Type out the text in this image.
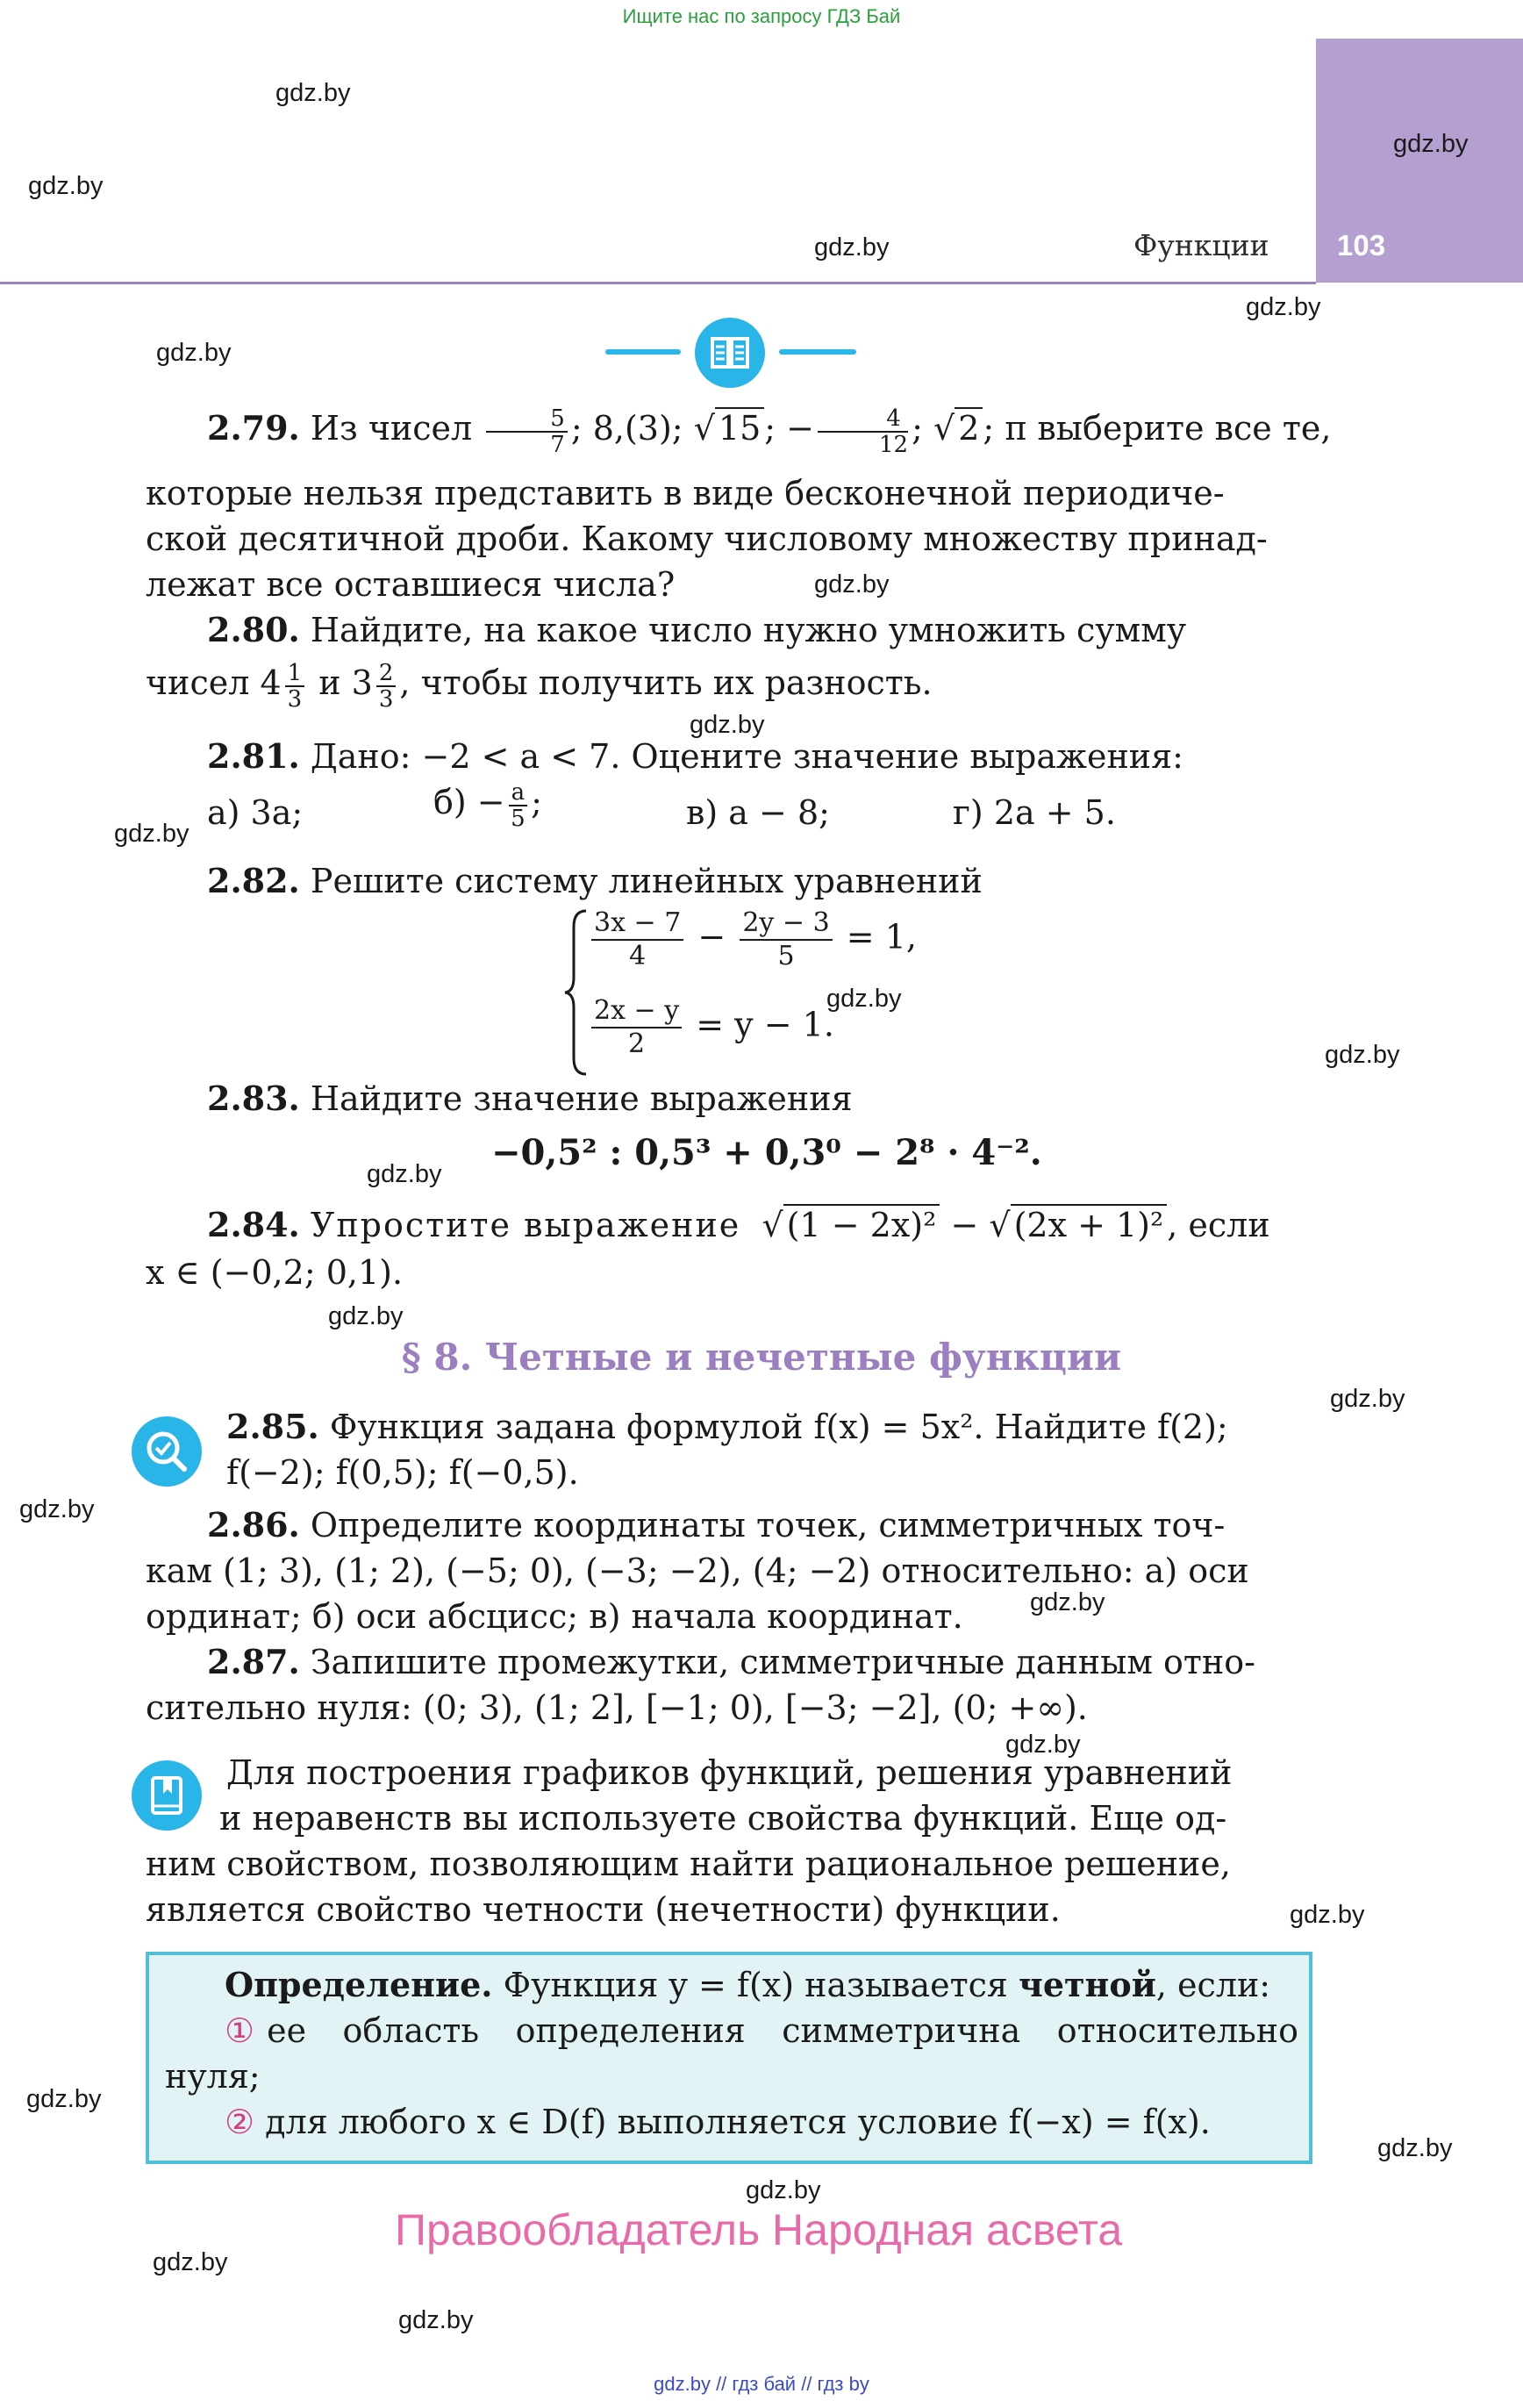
Ищите нас по запросу ГДЗ Бай
103
Функции
gdz.by
gdz.by
gdz.by
gdz.by
gdz.by
gdz.by
gdz.by
gdz.by
gdz.by
gdz.by
gdz.by
gdz.by
gdz.by
gdz.by
gdz.by
gdz.by
gdz.by
gdz.by
gdz.by
gdz.by
gdz.by
gdz.by
gdz.by
2.79. Из чисел $\frac{5}{7}$ ; 8,(3); √ 15 ; − $\frac{4}{12}$ ; √ 2 ; π выберите все те,
которые нельзя представить в виде бесконечной периодиче-
ской десятичной дроби. Какому числовому множеству принад-
лежат все оставшиеся числа?
2.80. Найдите, на какое число нужно умножить сумму
чисел $4 \frac{1}{3}$ и $3 \frac{2}{3}$ , чтобы получить их разность.
2.81. Дано: −2 < a < 7. Оцените значение выражения:
а) 3a;	$б) - \frac{a}{5}$ ;	в) a − 8;	г) 2a + 5.
2.82. Решите систему линейных уравнений
$\frac{3x - 7}{4} - \frac{2y - 3}{5} = 1$,
$\frac{2x - y}{2} = y - 1$.
2.83. Найдите значение выражения
−0,5² : 0,5³ + 0,3⁰ − 2⁸ · 4⁻².
2.84. Упростите выражение  √ (1 − 2x)² − √ (2x + 1)² , если
x ∈ (−0,2; 0,1).
§ 8. Четные и нечетные функции
2.85. Функция задана формулой f(x) = 5x². Найдите f(2);
f(−2); f(0,5); f(−0,5).
2.86. Определите координаты точек, симметричных точ-
кам (1; 3), (1; 2), (−5; 0), (−3; −2), (4; −2) относительно: а) оси
ординат; б) оси абсцисс; в) начала координат.
2.87. Запишите промежутки, симметричные данным отно-
сительно нуля: (0; 3), (1; 2], [−1; 0), [−3; −2], (0; +∞).
Для построения графиков функций, решения уравнений
и неравенств вы используете свойства функций. Еще од-
ним свойством, позволяющим найти рациональное решение,
является свойство четности (нечетности) функции.
Определение. Функция y = f(x) называется четной, если:
① ее область определения симметрична относительно
нуля;
② для любого x ∈ D(f) выполняется условие f(−x) = f(x).
Правообладатель Народная асвета
gdz.by // гдз бай // гдз by
